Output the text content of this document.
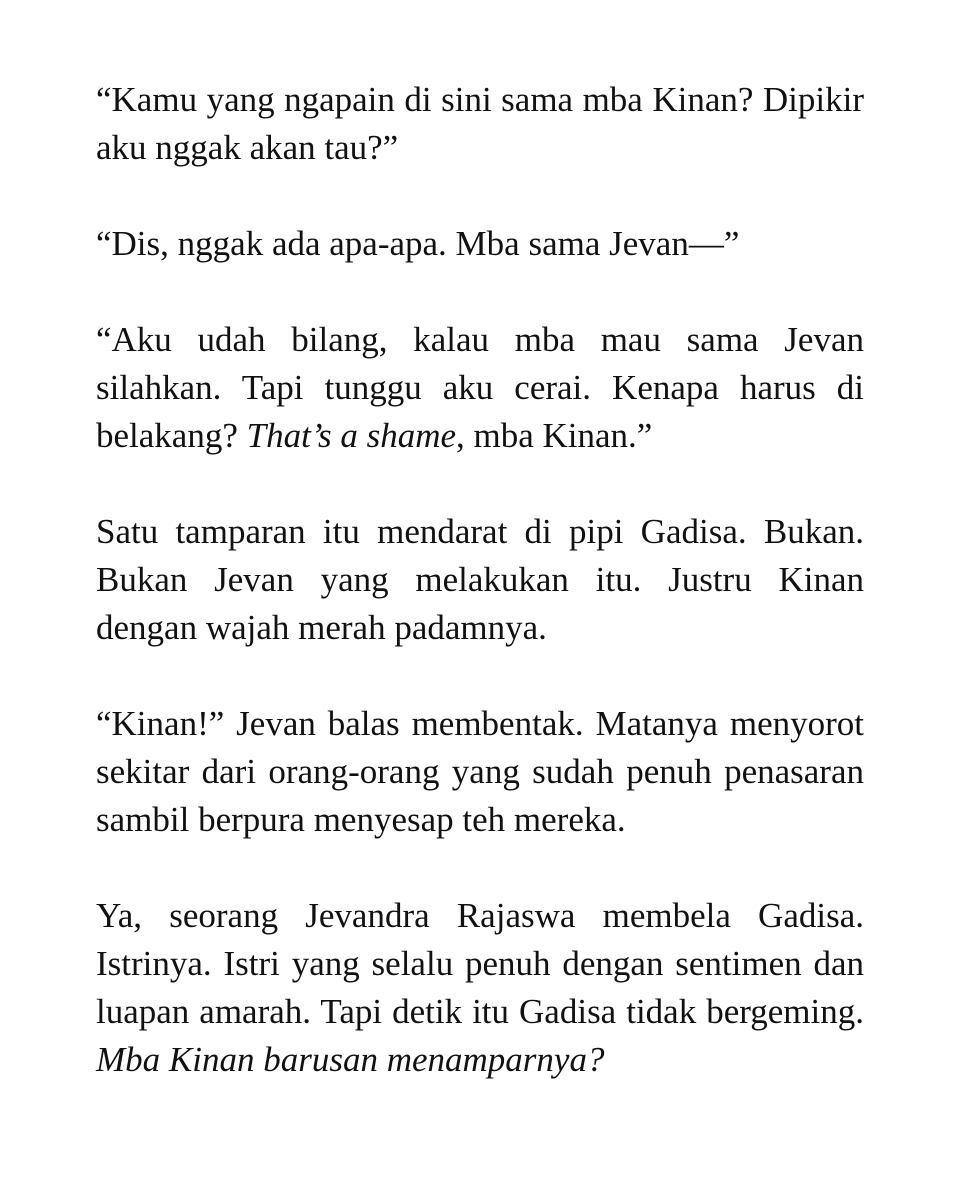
“Kamu yang ngapain di sini sama mba Kinan? Dipikir aku nggak akan tau?”

“Dis, nggak ada apa-apa. Mba sama Jevan—”

“Aku udah bilang, kalau mba mau sama Jevan silahkan. Tapi tunggu aku cerai. Kenapa harus di belakang? That’s a shame, mba Kinan.”

Satu tamparan itu mendarat di pipi Gadisa. Bukan. Bukan Jevan yang melakukan itu. Justru Kinan dengan wajah merah padamnya.

“Kinan!” Jevan balas membentak. Matanya menyorot sekitar dari orang-orang yang sudah penuh penasaran sambil berpura menyesap teh mereka.

Ya, seorang Jevandra Rajaswa membela Gadisa. Istrinya. Istri yang selalu penuh dengan sentimen dan luapan amarah. Tapi detik itu Gadisa tidak bergeming. Mba Kinan barusan menamparnya?
